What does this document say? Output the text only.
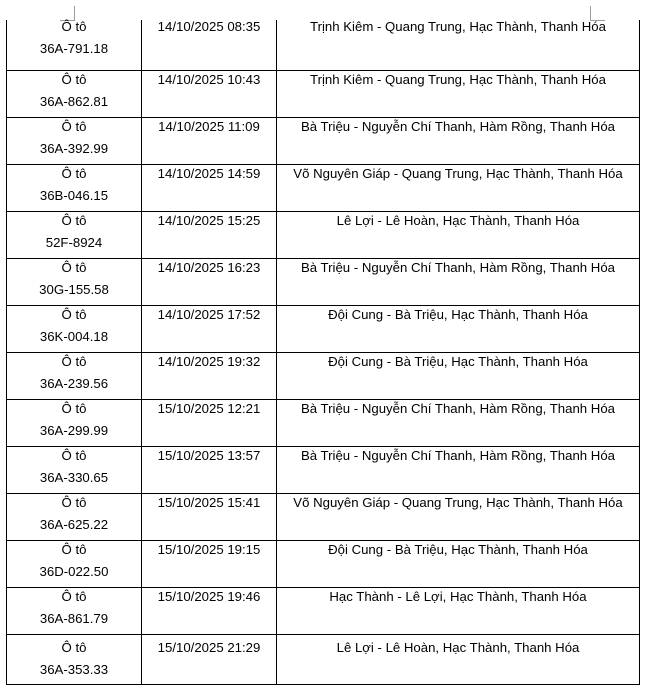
Ô tô
36A-791.18	14/10/2025 08:35	Trịnh Kiêm - Quang Trung, Hạc Thành, Thanh Hóa

Ô tô
36A-862.81	14/10/2025 10:43	Trịnh Kiêm - Quang Trung, Hạc Thành, Thanh Hóa

Ô tô
36A-392.99	14/10/2025 11:09	Bà Triệu - Nguyễn Chí Thanh, Hàm Rồng, Thanh Hóa

Ô tô
36B-046.15	14/10/2025 14:59	Võ Nguyên Giáp - Quang Trung, Hạc Thành, Thanh Hóa

Ô tô
52F-8924	14/10/2025 15:25	Lê Lợi - Lê Hoàn, Hạc Thành, Thanh Hóa

Ô tô
30G-155.58	14/10/2025 16:23	Bà Triệu - Nguyễn Chí Thanh, Hàm Rồng, Thanh Hóa

Ô tô
36K-004.18	14/10/2025 17:52	Đội Cung - Bà Triệu, Hạc Thành, Thanh Hóa

Ô tô
36A-239.56	14/10/2025 19:32	Đội Cung - Bà Triệu, Hạc Thành, Thanh Hóa

Ô tô
36A-299.99	15/10/2025 12:21	Bà Triệu - Nguyễn Chí Thanh, Hàm Rồng, Thanh Hóa

Ô tô
36A-330.65	15/10/2025 13:57	Bà Triệu - Nguyễn Chí Thanh, Hàm Rồng, Thanh Hóa

Ô tô
36A-625.22	15/10/2025 15:41	Võ Nguyên Giáp - Quang Trung, Hạc Thành, Thanh Hóa

Ô tô
36D-022.50	15/10/2025 19:15	Đội Cung - Bà Triệu, Hạc Thành, Thanh Hóa

Ô tô
36A-861.79	15/10/2025 19:46	Hạc Thành - Lê Lợi, Hạc Thành, Thanh Hóa

Ô tô
36A-353.33	15/10/2025 21:29	Lê Lợi - Lê Hoàn, Hạc Thành, Thanh Hóa
